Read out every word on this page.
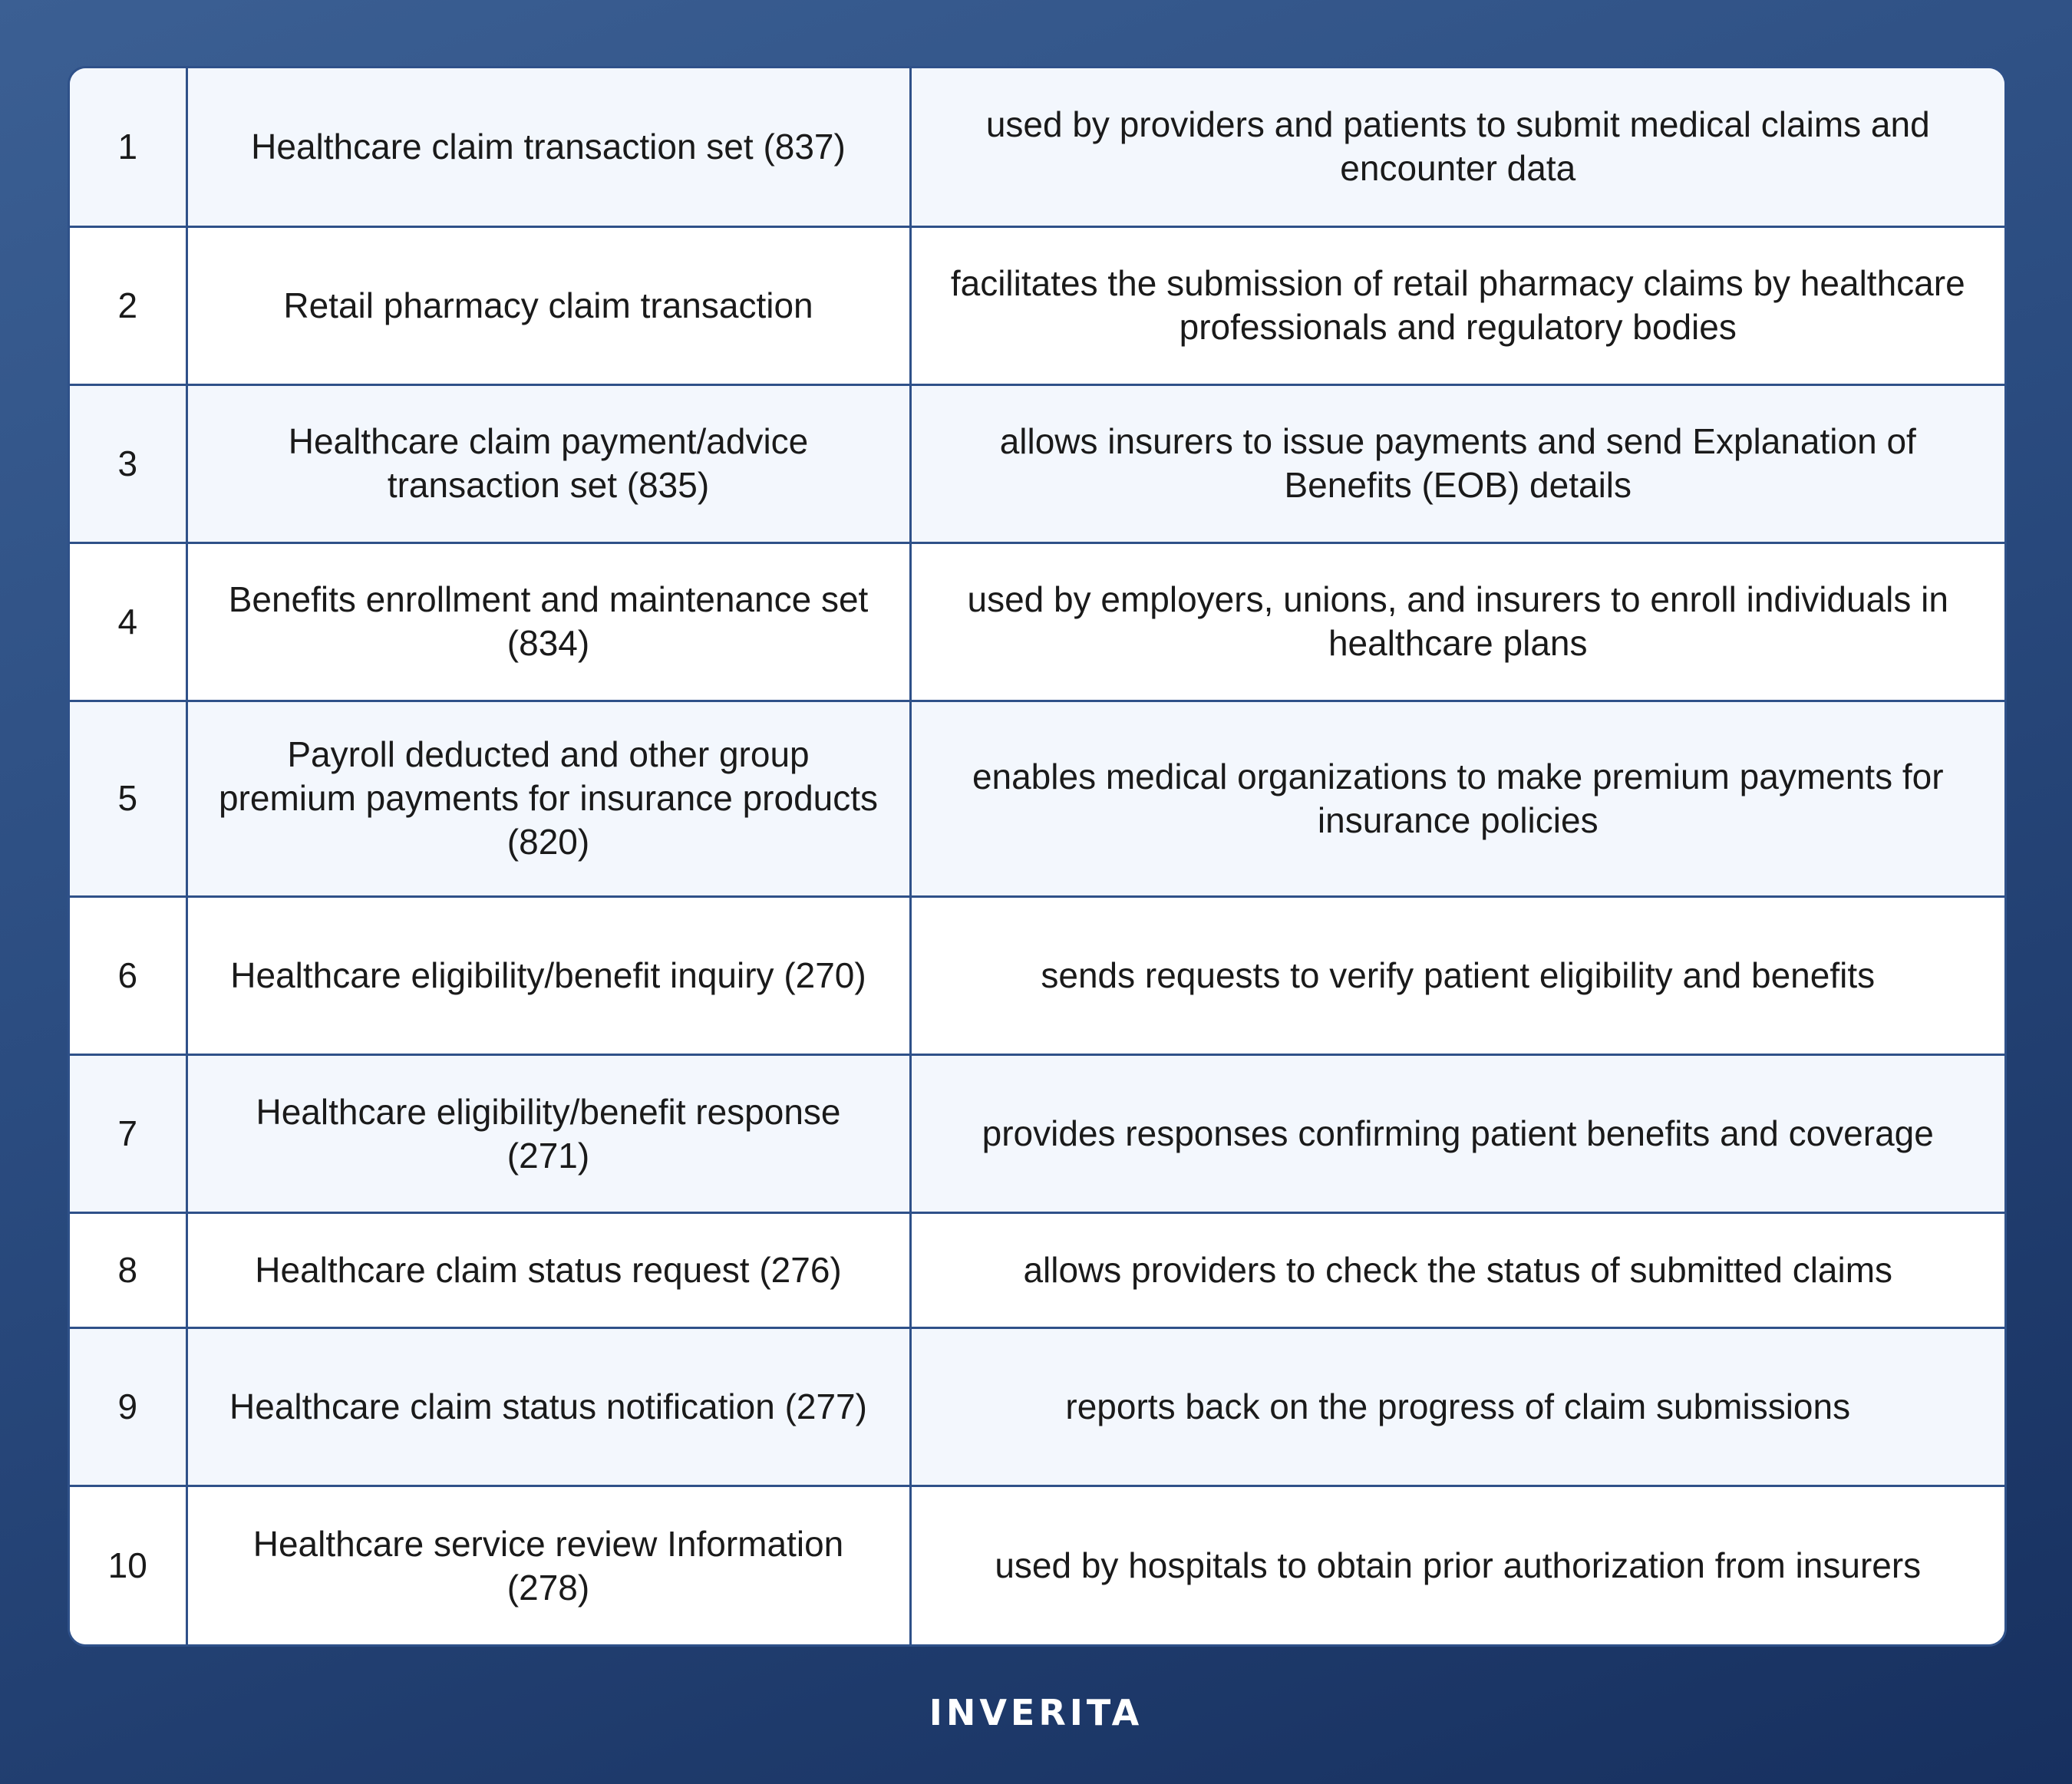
1	Healthcare claim transaction set (837)	used by providers and patients to submit medical claims and encounter data
2	Retail pharmacy claim transaction	facilitates the submission of retail pharmacy claims by healthcare professionals and regulatory bodies
3	Healthcare claim payment/advice transaction set (835)	allows insurers to issue payments and send Explanation of Benefits (EOB) details
4	Benefits enrollment and maintenance set (834)	used by employers, unions, and insurers to enroll individuals in healthcare plans
5	Payroll deducted and other group premium payments for insurance products (820)	enables medical organizations to make premium payments for insurance policies
6	Healthcare eligibility/benefit inquiry (270)	sends requests to verify patient eligibility and benefits
7	Healthcare eligibility/benefit response (271)	provides responses confirming patient benefits and coverage
8	Healthcare claim status request (276)	allows providers to check the status of submitted claims
9	Healthcare claim status notification (277)	reports back on the progress of claim submissions
10	Healthcare service review Information (278)	used by hospitals to obtain prior authorization from insurers
INVERITA
